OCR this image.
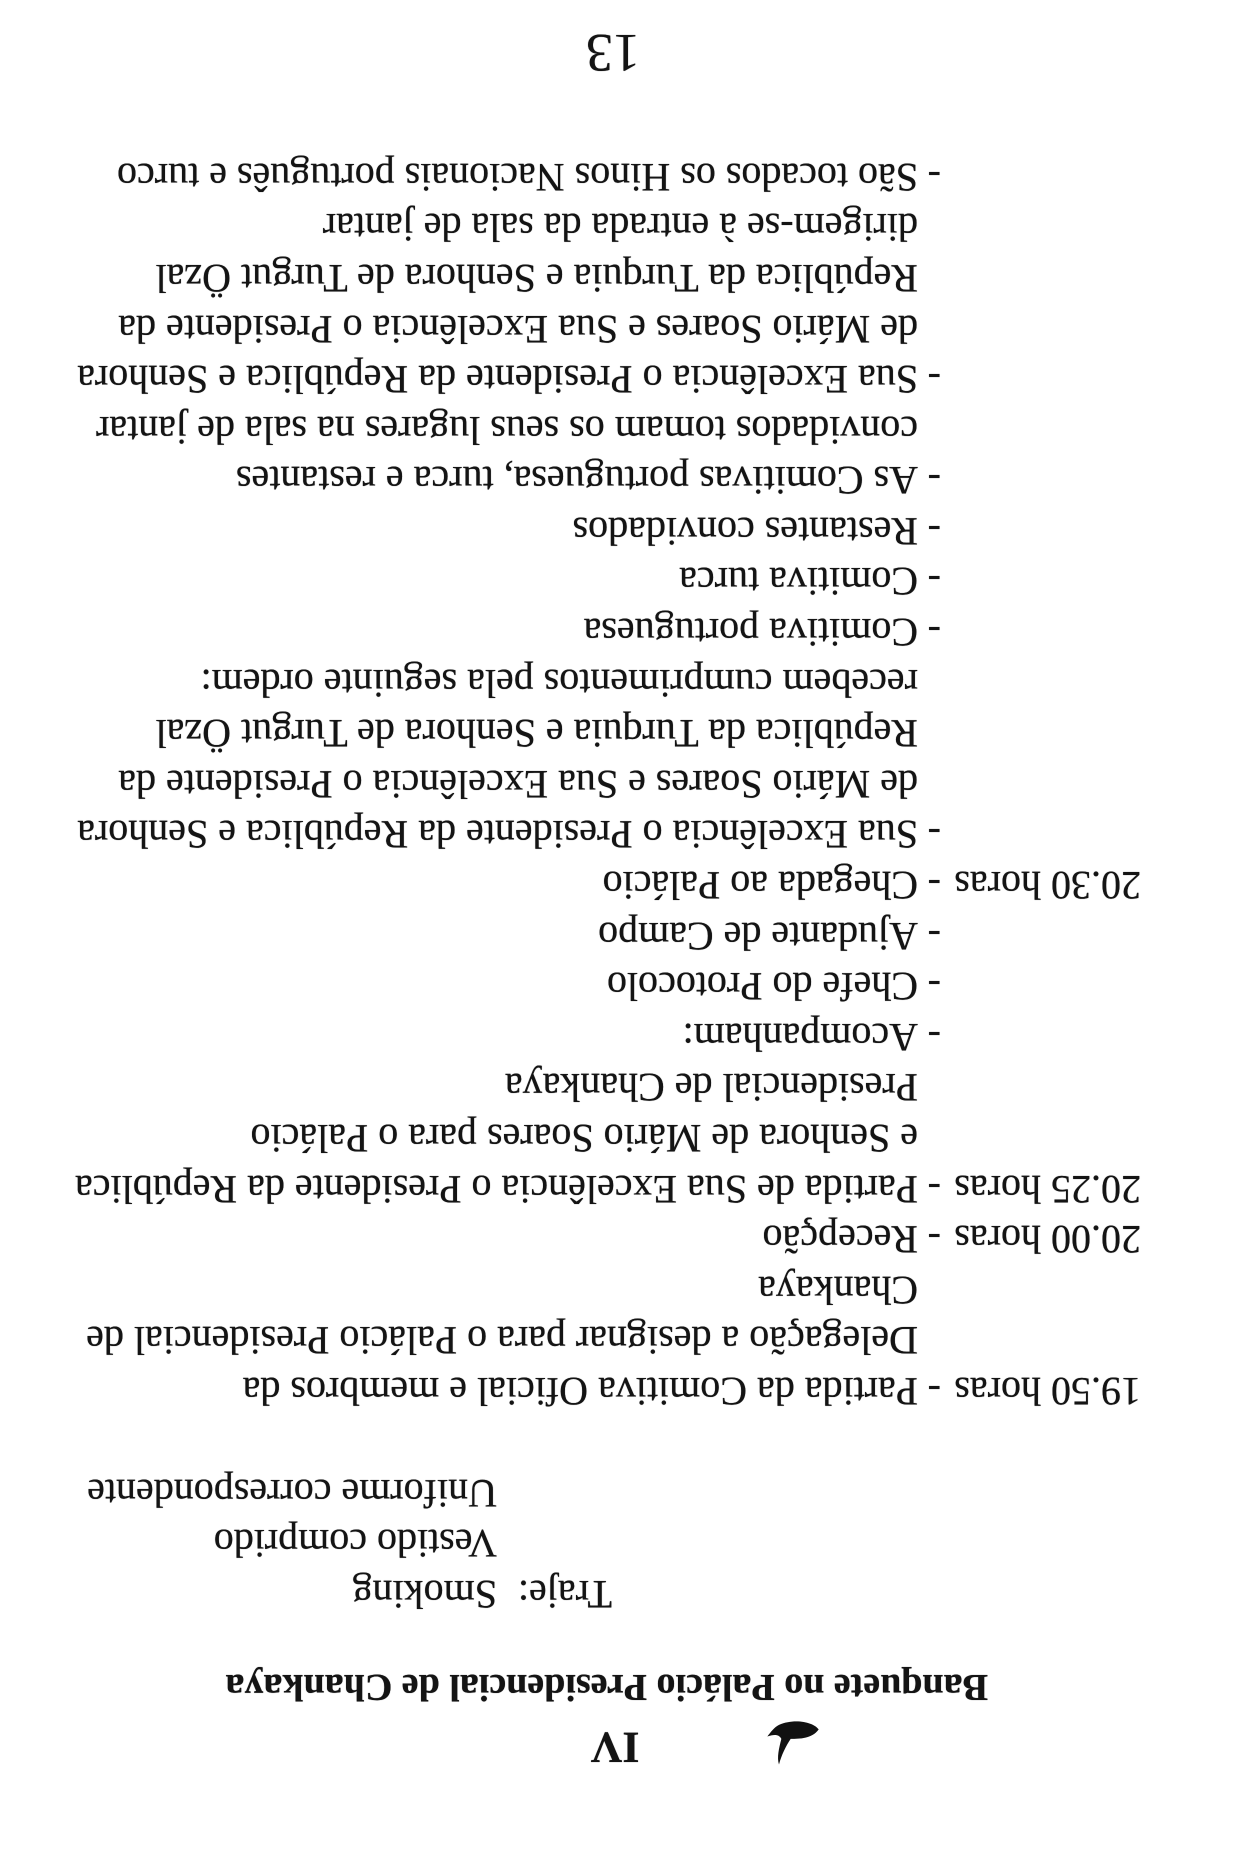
IV
Banquete no Palácio Presidencial de Chankaya
Traje:
Smoking
Vestido comprido
Uniforme correspondente
19.50 horas
-
Partida da Comitiva Oficial e membros da
Delegação a designar para o Palácio Presidencial de
Chankaya
20.00 horas
-
Recepção
20.25 horas
-
Partida de Sua Excelência o Presidente da República
e Senhora de Mário Soares para o Palácio
Presidencial de Chankaya
-
Acompanham:
-
Chefe do Protocolo
-
Ajudante de Campo
20.30 horas
-
Chegada ao Palácio
-
Sua Excelência o Presidente da República e Senhora
de Mário Soares e Sua Excelência o Presidente da
República da Turquia e Senhora de Turgut Özal
recebem cumprimentos pela seguinte ordem:
-
Comitiva portuguesa
-
Comitiva turca
-
Restantes convidados
-
As Comitivas portuguesa, turca e restantes
convidados tomam os seus lugares na sala de jantar
-
Sua Excelência o Presidente da República e Senhora
de Mário Soares e Sua Excelência o Presidente da
República da Turquia e Senhora de Turgut Özal
dirigem-se à entrada da sala de jantar
-
São tocados os Hinos Nacionais português e turco
13
